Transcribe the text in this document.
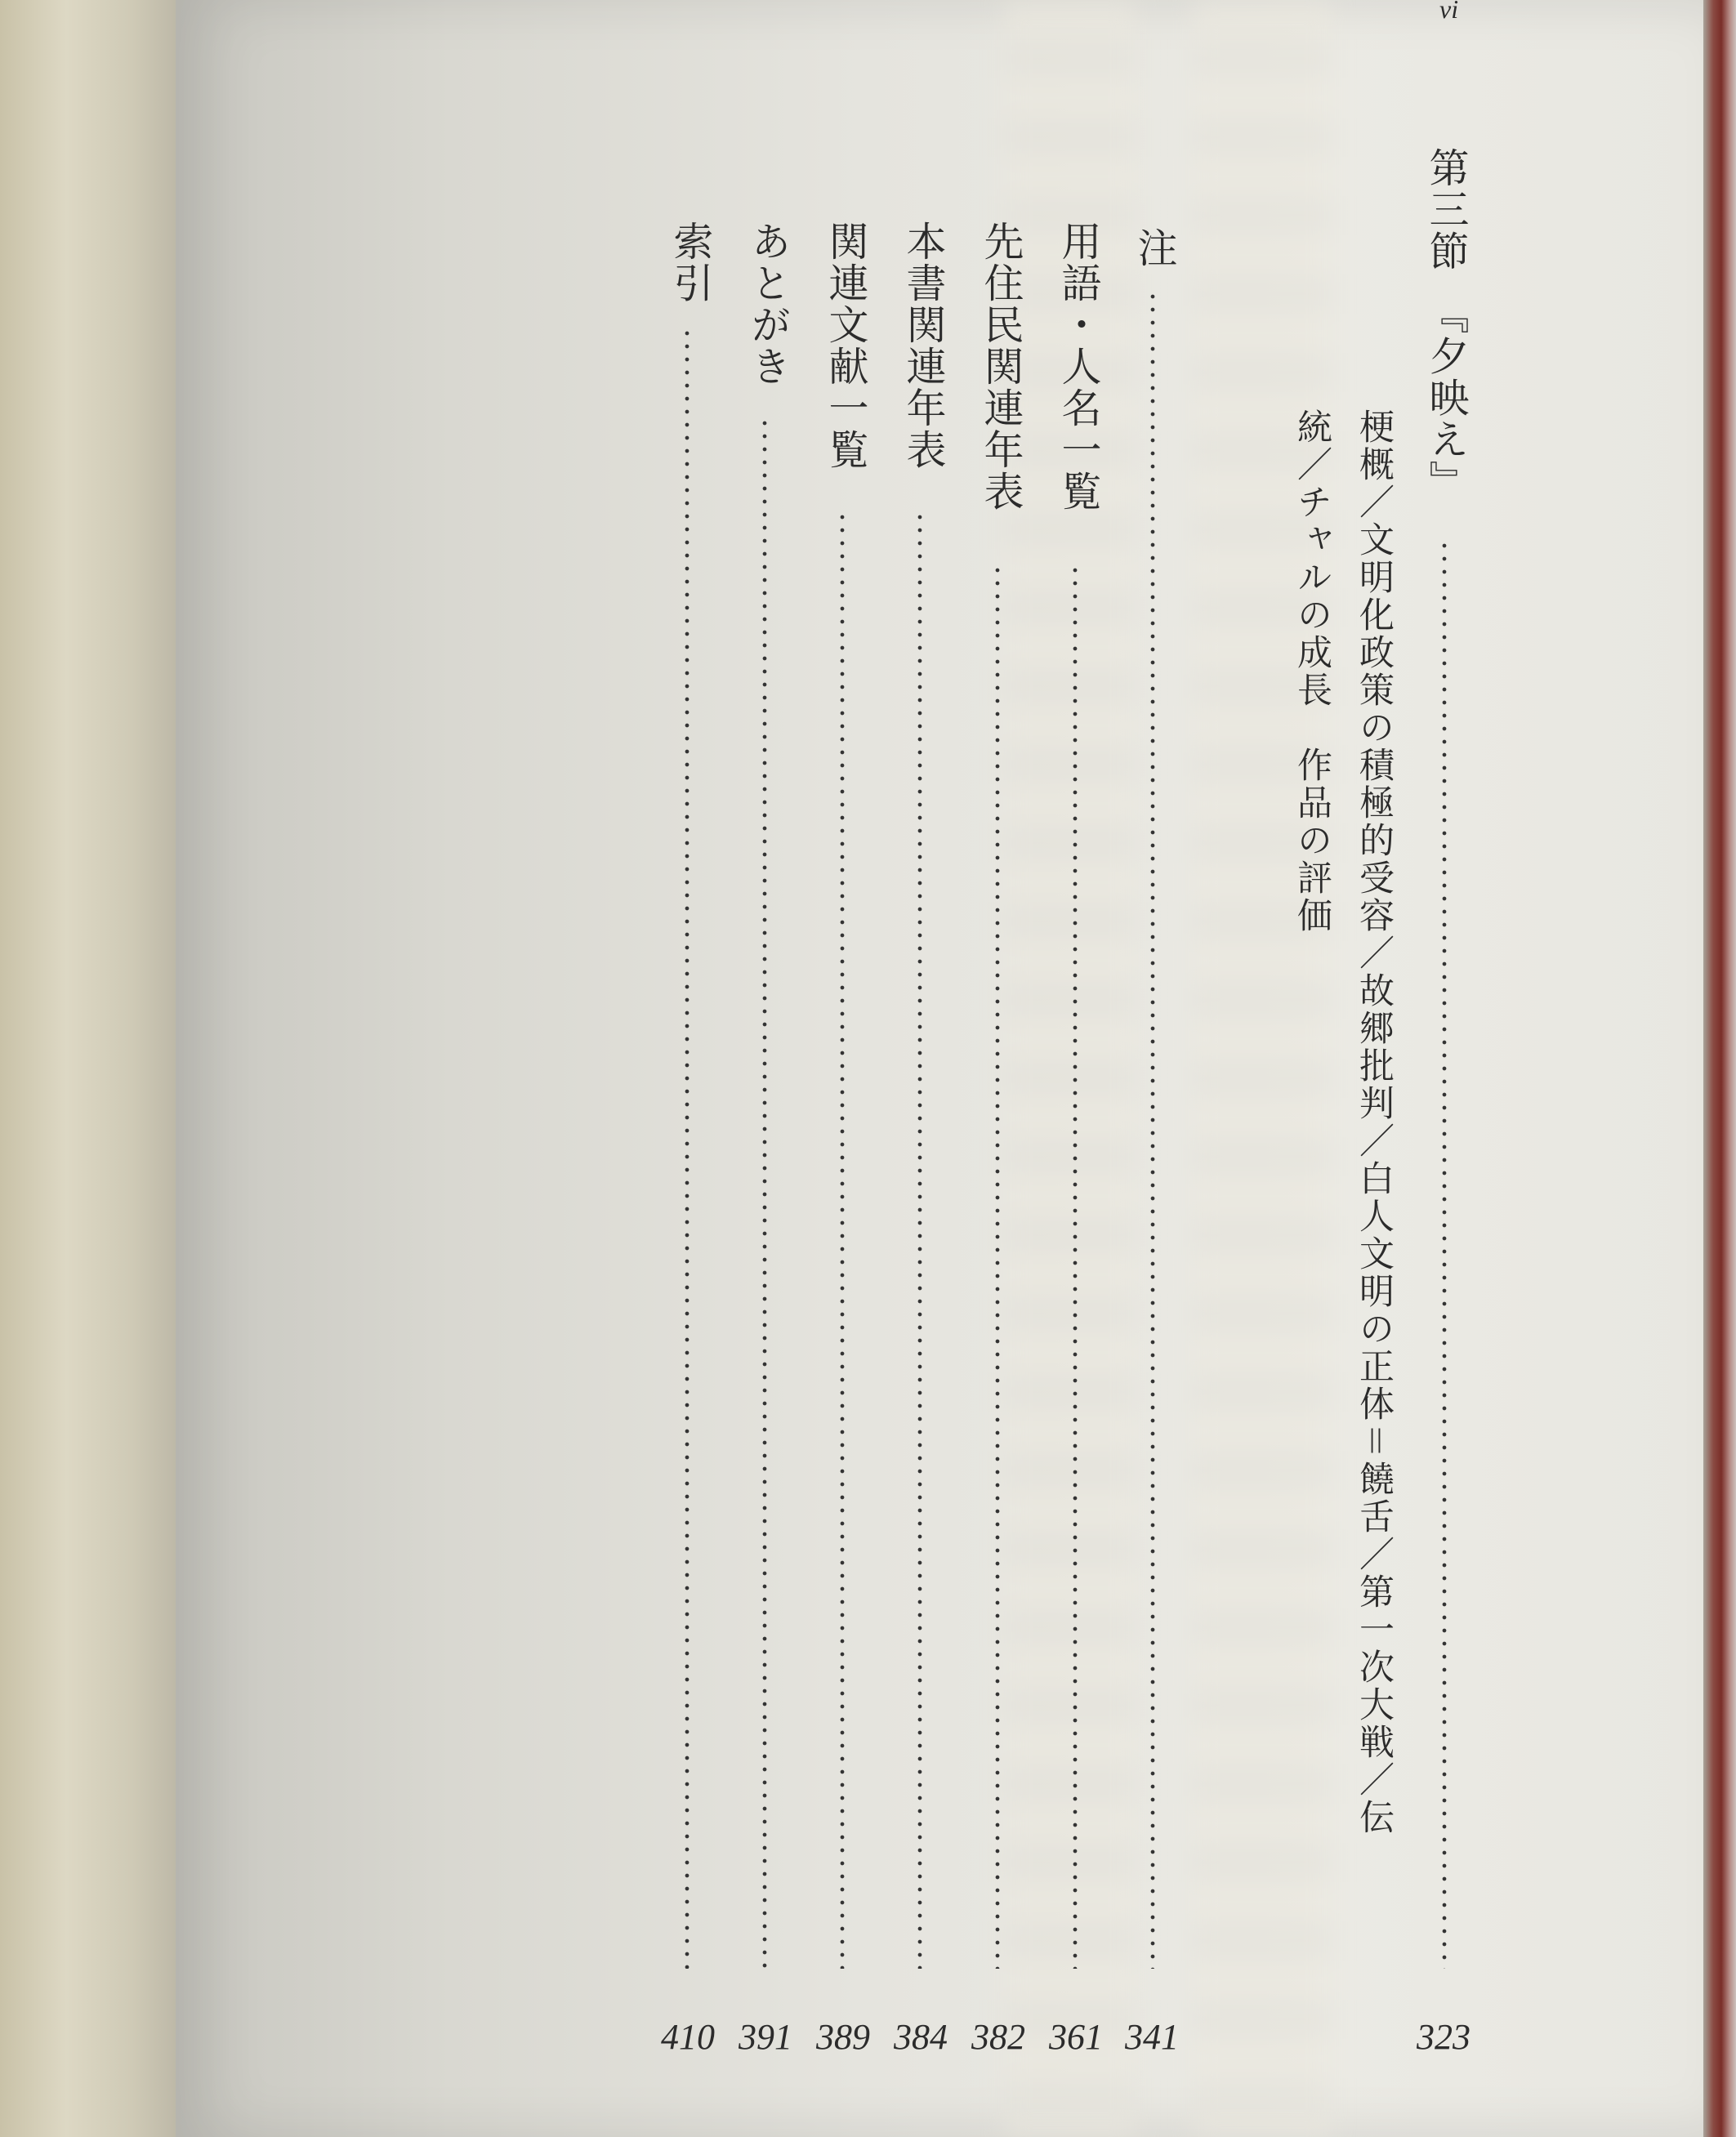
vi
第三節　『夕映え』
323
梗概／文明化政策の積極的受容／故郷批判／白人文明の正体＝饒舌／第一次大戦／伝
統／チャルの成長　作品の評価
注
341
用語・人名一覧
361
先住民関連年表
382
本書関連年表
384
関連文献一覧
389
あとがき
391
索引
410
